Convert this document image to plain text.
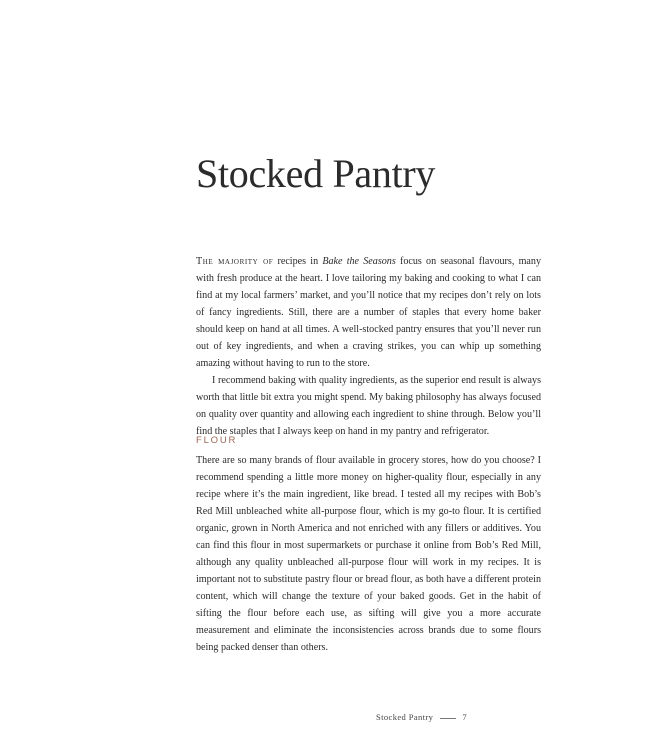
Stocked Pantry

The majority of recipes in Bake the Seasons focus on seasonal flavours, many with fresh produce at the heart. I love tailoring my baking and cooking to what I can find at my local farmers’ market, and you’ll notice that my recipes don’t rely on lots of fancy ingredients. Still, there are a number of staples that every home baker should keep on hand at all times. A well-stocked pantry ensures that you’ll never run out of key ingredients, and when a craving strikes, you can whip up something amazing without having to run to the store.

I recommend baking with quality ingredients, as the superior end result is always worth that little bit extra you might spend. My baking philosophy has always focused on quality over quantity and allowing each ingredient to shine through. Below you’ll find the staples that I always keep on hand in my pantry and refrigerator.

FLOUR

There are so many brands of flour available in grocery stores, how do you choose? I recommend spending a little more money on higher-quality flour, especially in any recipe where it’s the main ingredient, like bread. I tested all my recipes with Bob’s Red Mill unbleached white all-purpose flour, which is my go-to flour. It is certified organic, grown in North America and not enriched with any fillers or additives. You can find this flour in most supermarkets or purchase it online from Bob’s Red Mill, although any quality unbleached all-purpose flour will work in my recipes. It is important not to substitute pastry flour or bread flour, as both have a different protein content, which will change the texture of your baked goods. Get in the habit of sifting the flour before each use, as sifting will give you a more accurate measurement and eliminate the inconsistencies across brands due to some flours being packed denser than others.

Stocked Pantry	7
